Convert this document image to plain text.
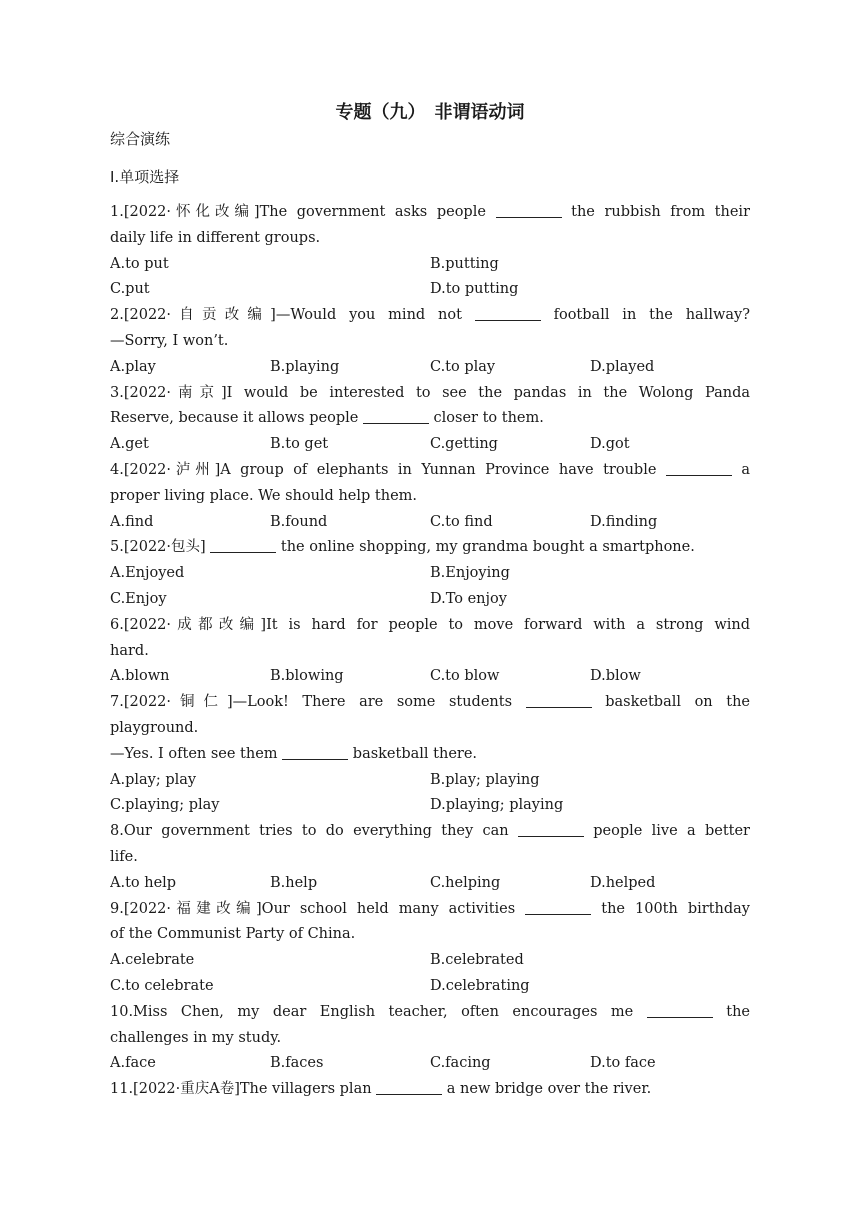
专题（九）　非谓语动词
综合演练
Ⅰ.单项选择
1.[2022·怀化改编]The government asks people	the rubbish from their
daily life in different groups.
A.to put	B.putting
C.put	D.to putting
2.[2022·自贡改编]—Would you mind not	football in the hallway?
—Sorry, I won’t.
A.play	B.playing	C.to play	D.played
3.[2022·南京]I would be interested to see the pandas in the Wolong Panda
Reserve, because it allows people	closer to them.
A.get	B.to get	C.getting	D.got
4.[2022·泸州]A group of elephants in Yunnan Province have trouble	a
proper living place. We should help them.
A.find	B.found	C.to find	D.finding
5.[2022·包头]	the online shopping, my grandma bought a smartphone.
A.Enjoyed	B.Enjoying
C.Enjoy	D.To enjoy
6.[2022·成都改编]It is hard for people to move forward with a strong wind
hard.
A.blown	B.blowing	C.to blow	D.blow
7.[2022·铜仁]—Look! There are some students	basketball on the
playground.
—Yes. I often see them	basketball there.
A.play; play	B.play; playing
C.playing; play	D.playing; playing
8.Our government tries to do everything they can	people live a better
life.
A.to help	B.help	C.helping	D.helped
9.[2022·福建改编]Our school held many activities	the 100th birthday
of the Communist Party of China.
A.celebrate	B.celebrated
C.to celebrate	D.celebrating
10.Miss Chen, my dear English teacher, often encourages me	the
challenges in my study.
A.face	B.faces	C.facing	D.to face
11.[2022·重庆A卷]The villagers plan	a new bridge over the river.
